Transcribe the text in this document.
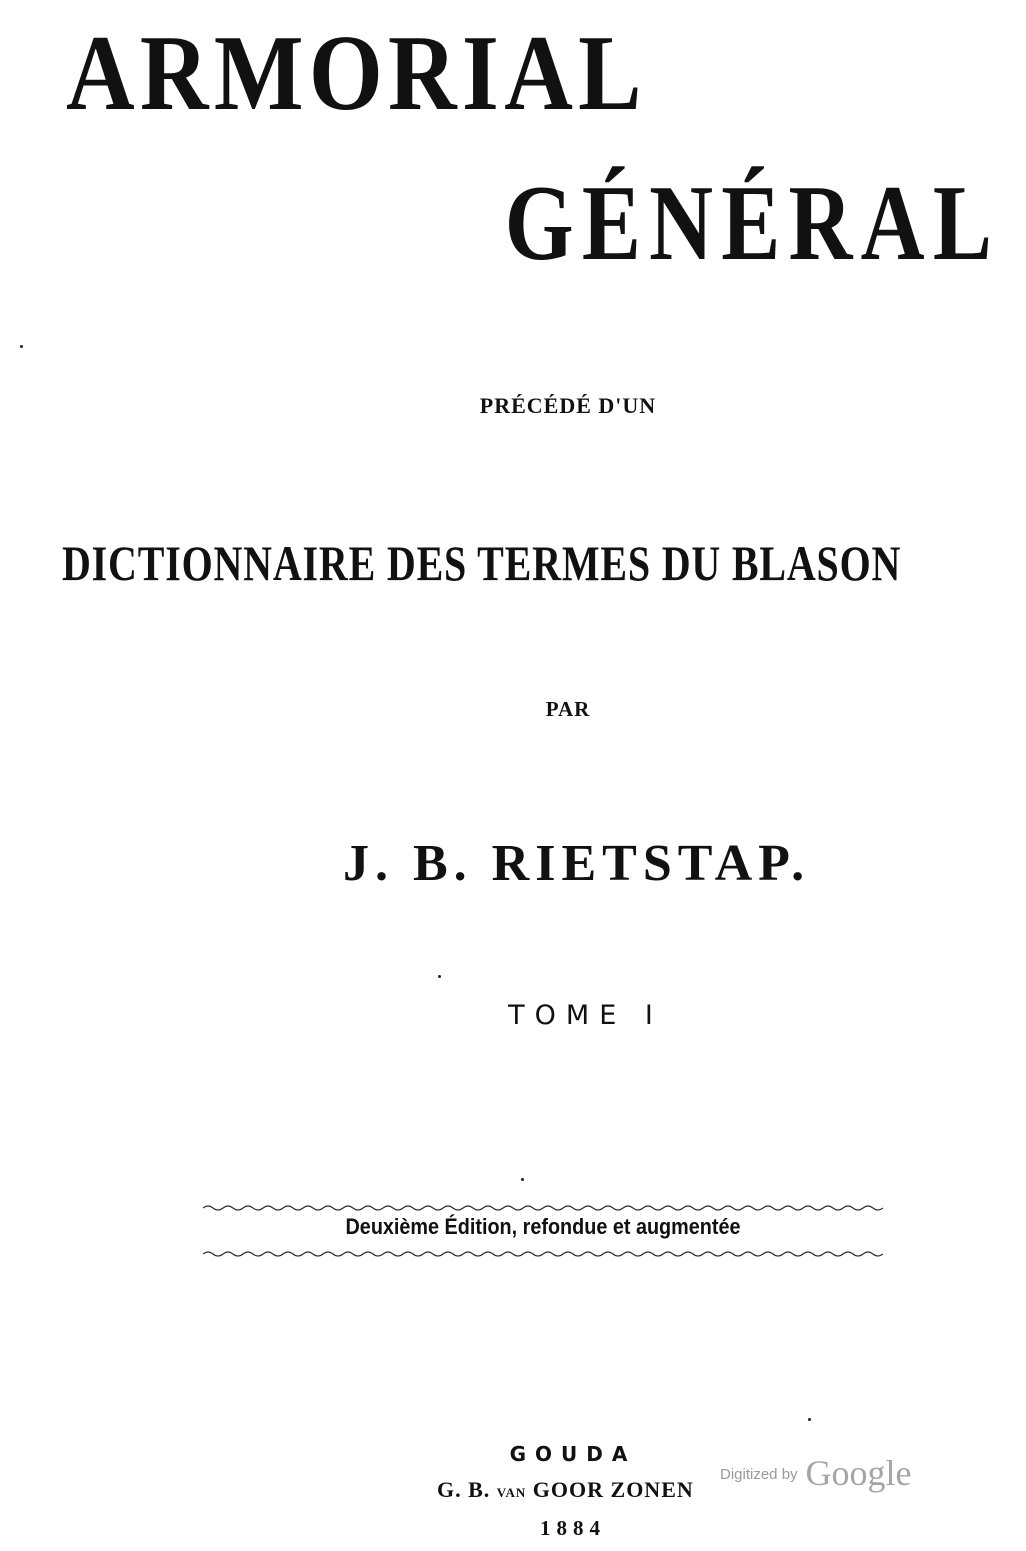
ARMORIAL
GÉNÉRAL
PRÉCÉDÉ D'UN
DICTIONNAIRE DES TERMES DU BLASON
PAR
J. B. RIETSTAP.
TOME I
Deuxième Édition, refondue et augmentée
GOUDA
G. B. VAN GOOR ZONEN
1884
Digitized by Google
